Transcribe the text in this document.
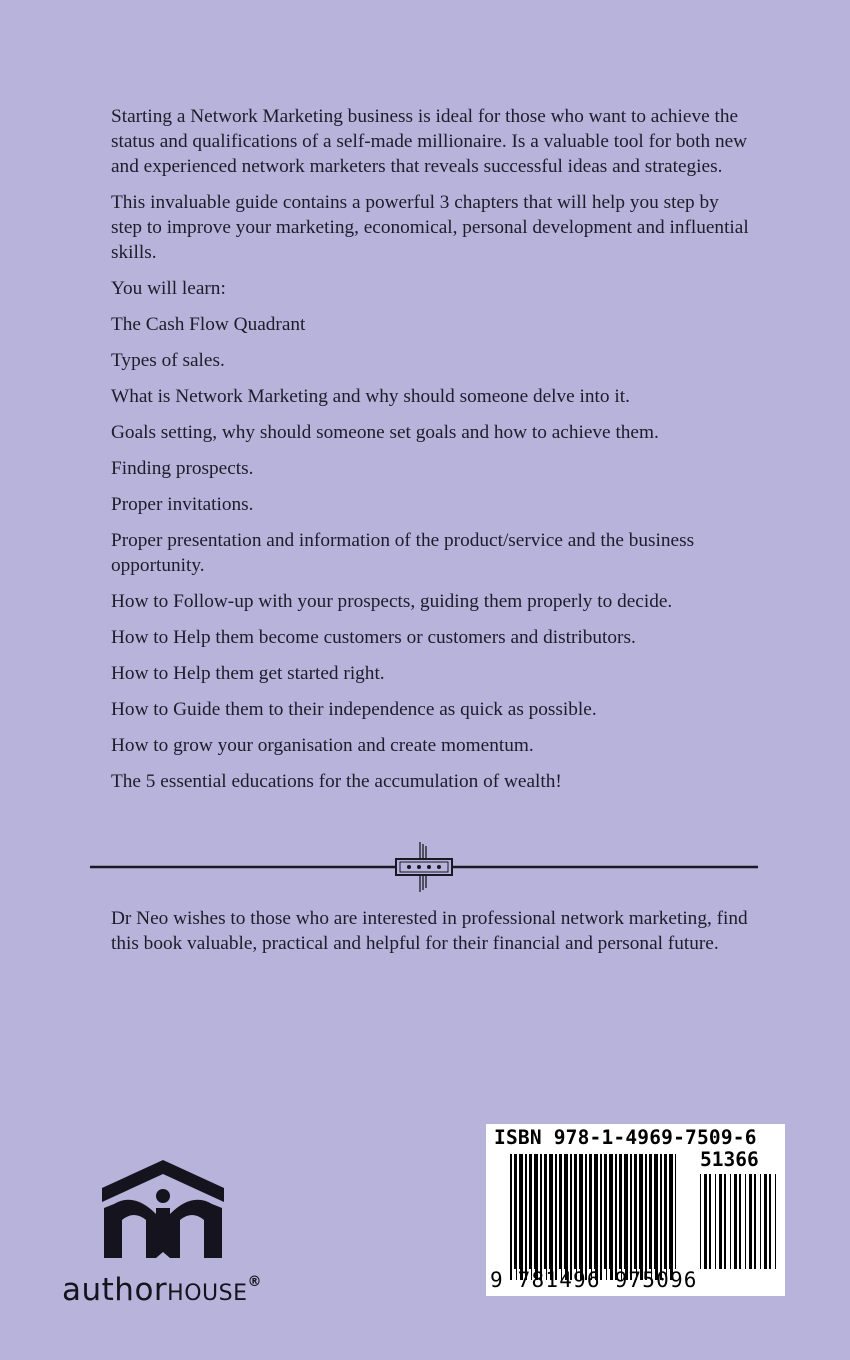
Starting a Network Marketing business is ideal for those who want to achieve the status and qualifications of a self-made millionaire. Is a valuable tool for both new and experienced network marketers that reveals successful ideas and strategies.

This invaluable guide contains a powerful 3 chapters that will help you step by step to improve your marketing, economical, personal development and influential skills.

You will learn:

The Cash Flow Quadrant

Types of sales.

What is Network Marketing and why should someone delve into it.

Goals setting, why should someone set goals and how to achieve them.

Finding prospects.

Proper invitations.

Proper presentation and information of the product/service and the business opportunity.

How to Follow-up with your prospects, guiding them properly to decide.

How to Help them become customers or customers and distributors.

How to Help them get started right.

How to Guide them to their independence as quick as possible.

How to grow your organisation and create momentum.

The 5 essential educations for the accumulation of wealth!

Dr Neo wishes to those who are interested in professional network marketing, find this book valuable, practical and helpful for their financial and personal future.

authorHOUSE®
ISBN 978-1-4969-7509-6
51366
9 781496 975096
